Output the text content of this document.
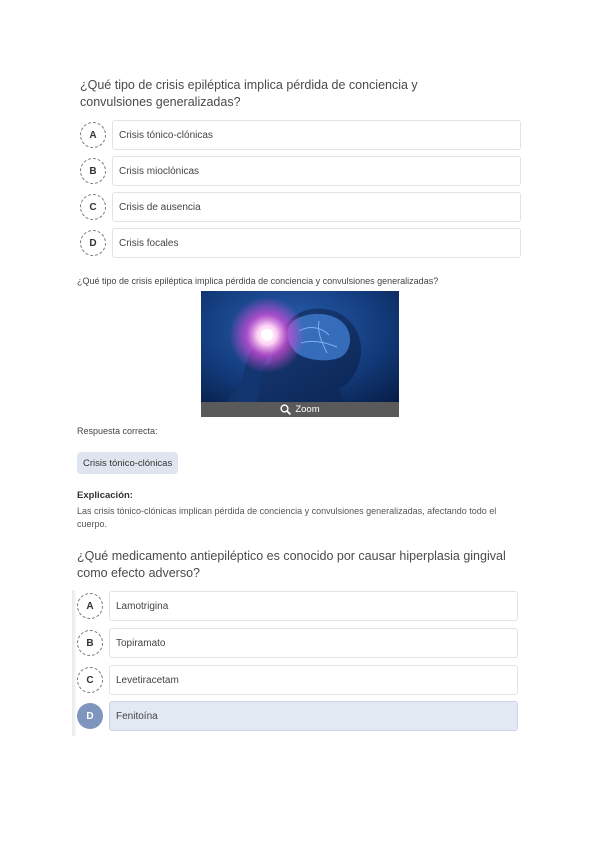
¿Qué tipo de crisis epiléptica implica pérdida de conciencia y convulsiones generalizadas?
A	Crisis tónico-clónicas
B	Crisis mioclónicas
C	Crisis de ausencia
D	Crisis focales
¿Qué tipo de crisis epiléptica implica pérdida de conciencia y convulsiones generalizadas?
Zoom
Respuesta correcta:
Crisis tónico-clónicas
Explicación:
Las crisis tónico-clónicas implican pérdida de conciencia y convulsiones generalizadas, afectando todo el cuerpo.
¿Qué medicamento antiepiléptico es conocido por causar hiperplasia gingival como efecto adverso?
A	Lamotrigina
B	Topiramato
C	Levetiracetam
D	Fenitoína
